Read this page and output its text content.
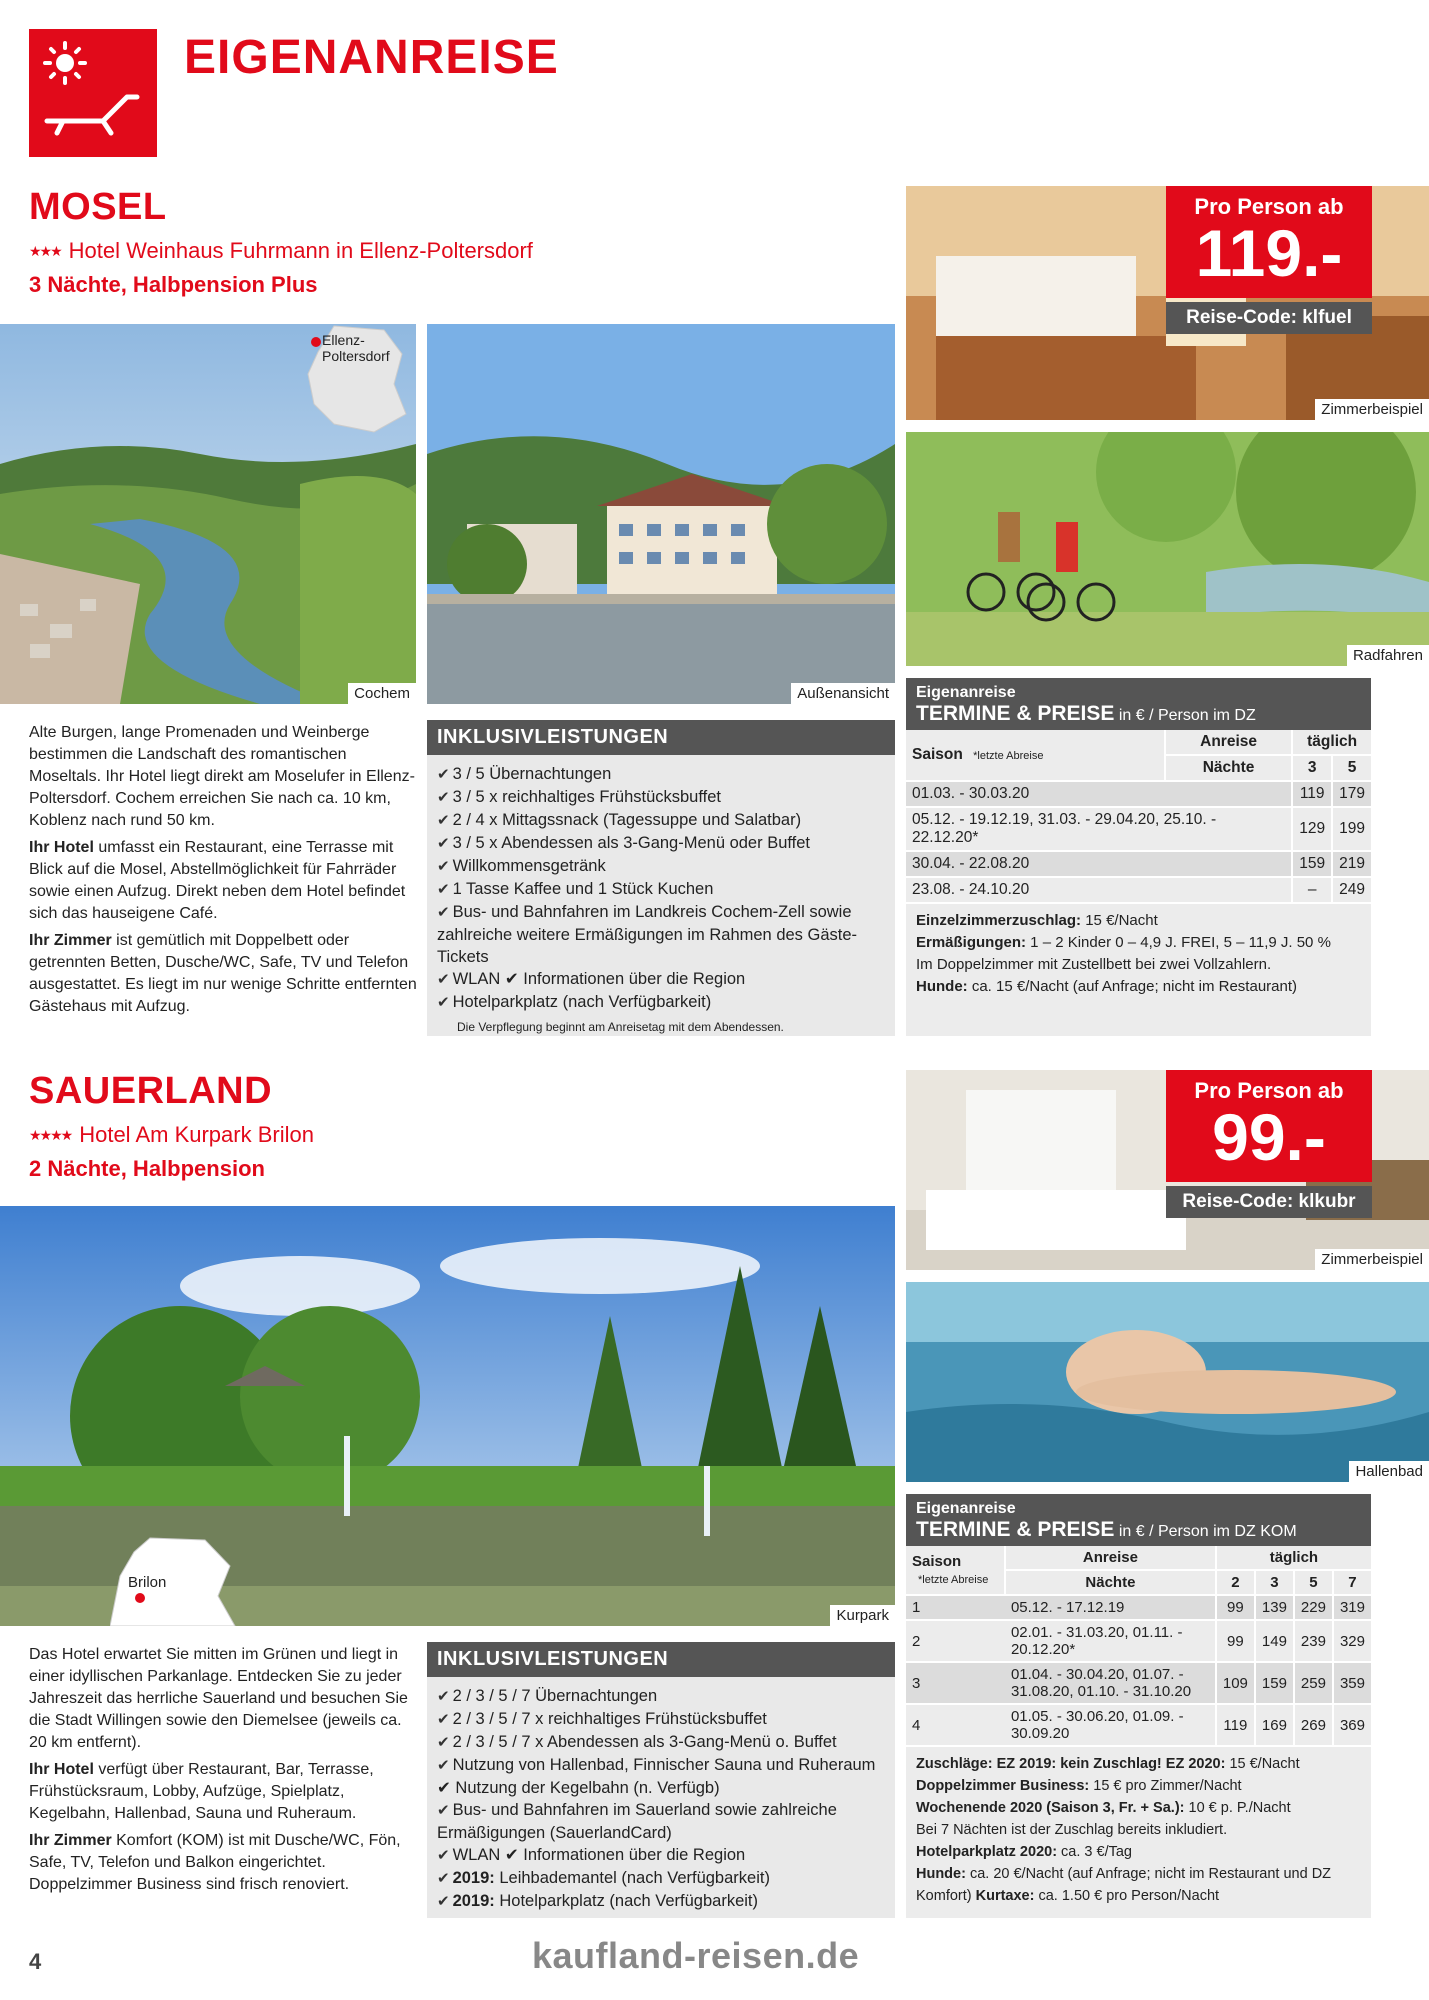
EIGENANREISE
MOSEL
★★★ Hotel Weinhaus Fuhrmann in Ellenz-Poltersdorf
3 Nächte, Halbpension Plus
Ellenz-
Poltersdorf
Cochem	Außenansicht
Zimmerbeispiel
Pro Person ab
119.-
Reise-Code: klfuel
Radfahren

Alte Burgen, lange Promenaden und Weinberge bestimmen die Landschaft des romantischen Moseltals. Ihr Hotel liegt direkt am Moselufer in Ellenz-Poltersdorf. Cochem erreichen Sie nach ca. 10 km, Koblenz nach rund 50 km.

Ihr Hotel umfasst ein Restaurant, eine Terrasse mit Blick auf die Mosel, Abstellmöglichkeit für Fahrräder sowie einen Aufzug. Direkt neben dem Hotel befindet sich das hauseigene Café.

Ihr Zimmer ist gemütlich mit Doppelbett oder getrennten Betten, Dusche/WC, Safe, TV und Telefon ausgestattet. Es liegt im nur wenige Schritte entfernten Gästehaus mit Aufzug.

INKLUSIVLEISTUNGEN
✔ 3 / 5 Übernachtungen
✔ 3 / 5 x reichhaltiges Frühstücksbuffet
✔ 2 / 4 x Mittagssnack (Tagessuppe und Salatbar)
✔ 3 / 5 x Abendessen als 3-Gang-Menü oder Buffet
✔ Willkommensgetränk
✔ 1 Tasse Kaffee und 1 Stück Kuchen
✔ Bus- und Bahnfahren im Landkreis Cochem-Zell sowie zahlreiche weitere Ermäßigungen im Rahmen des Gäste-Tickets
✔ WLAN ✔ Informationen über die Region
✔ Hotelparkplatz (nach Verfügbarkeit)
Die Verpflegung beginnt am Anreisetag mit dem Abendessen.
Eigenanreise
TERMINE & PREISE in € / Person im DZ
Saison *letzte Abreise	Anreise	täglich	
	Nächte	3	5
01.03. - 30.03.20		119	179
05.12. - 19.12.19, 31.03. - 29.04.20, 25.10. - 22.12.20*		129	199
30.04. - 22.08.20		159	219
23.08. - 24.10.20		–	249
Einzelzimmerzuschlag: 15 €/Nacht
Ermäßigungen: 1 – 2 Kinder 0 – 4,9 J. FREI, 5 – 11,9 J. 50 %
Im Doppelzimmer mit Zustellbett bei zwei Vollzahlern.
Hunde: ca. 15 €/Nacht (auf Anfrage; nicht im Restaurant)
SAUERLAND
★★★★ Hotel Am Kurpark Brilon
2 Nächte, Halbpension
Brilon
Kurpark
Zimmerbeispiel
Pro Person ab
99.-
Reise-Code: klkubr
Hallenbad

Das Hotel erwartet Sie mitten im Grünen und liegt in einer idyllischen Parkanlage. Entdecken Sie zu jeder Jahreszeit das herrliche Sauerland und besuchen Sie die Stadt Willingen sowie den Diemelsee (jeweils ca. 20 km entfernt).

Ihr Hotel verfügt über Restaurant, Bar, Terrasse, Frühstücksraum, Lobby, Aufzüge, Spielplatz, Kegelbahn, Hallenbad, Sauna und Ruheraum.

Ihr Zimmer Komfort (KOM) ist mit Dusche/WC, Fön, Safe, TV, Telefon und Balkon eingerichtet. Doppelzimmer Business sind frisch renoviert.

INKLUSIVLEISTUNGEN
✔ 2 / 3 / 5 / 7 Übernachtungen
✔ 2 / 3 / 5 / 7 x reichhaltiges Frühstücksbuffet
✔ 2 / 3 / 5 / 7 x Abendessen als 3-Gang-Menü o. Buffet
✔ Nutzung von Hallenbad, Finnischer Sauna und Ruheraum ✔ Nutzung der Kegelbahn (n. Verfügb)
✔ Bus- und Bahnfahren im Sauerland sowie zahlreiche Ermäßigungen (SauerlandCard)
✔ WLAN ✔ Informationen über die Region
✔ 2019: Leihbademantel (nach Verfügbarkeit)
✔ 2019: Hotelparkplatz (nach Verfügbarkeit)
Eigenanreise
TERMINE & PREISE in € / Person im DZ KOM
Saison *letzte Abreise	Anreise	täglich			
	Nächte	2	3	5	7
1	05.12. - 17.12.19	99	139	229	319
2	02.01. - 31.03.20, 01.11. - 20.12.20*	99	149	239	329
3	01.04. - 30.04.20, 01.07. - 31.08.20, 01.10. - 31.10.20	109	159	259	359
4	01.05. - 30.06.20, 01.09. - 30.09.20	119	169	269	369
Zuschläge: EZ 2019: kein Zuschlag! EZ 2020: 15 €/Nacht
Doppelzimmer Business: 15 € pro Zimmer/Nacht
Wochenende 2020 (Saison 3, Fr. + Sa.): 10 € p. P./Nacht
Bei 7 Nächten ist der Zuschlag bereits inkludiert.
Hotelparkplatz 2020: ca. 3 €/Tag
Hunde: ca. 20 €/Nacht (auf Anfrage; nicht im Restaurant und DZ Komfort) Kurtaxe: ca. 1.50 € pro Person/Nacht
4	kaufland-reisen.de
